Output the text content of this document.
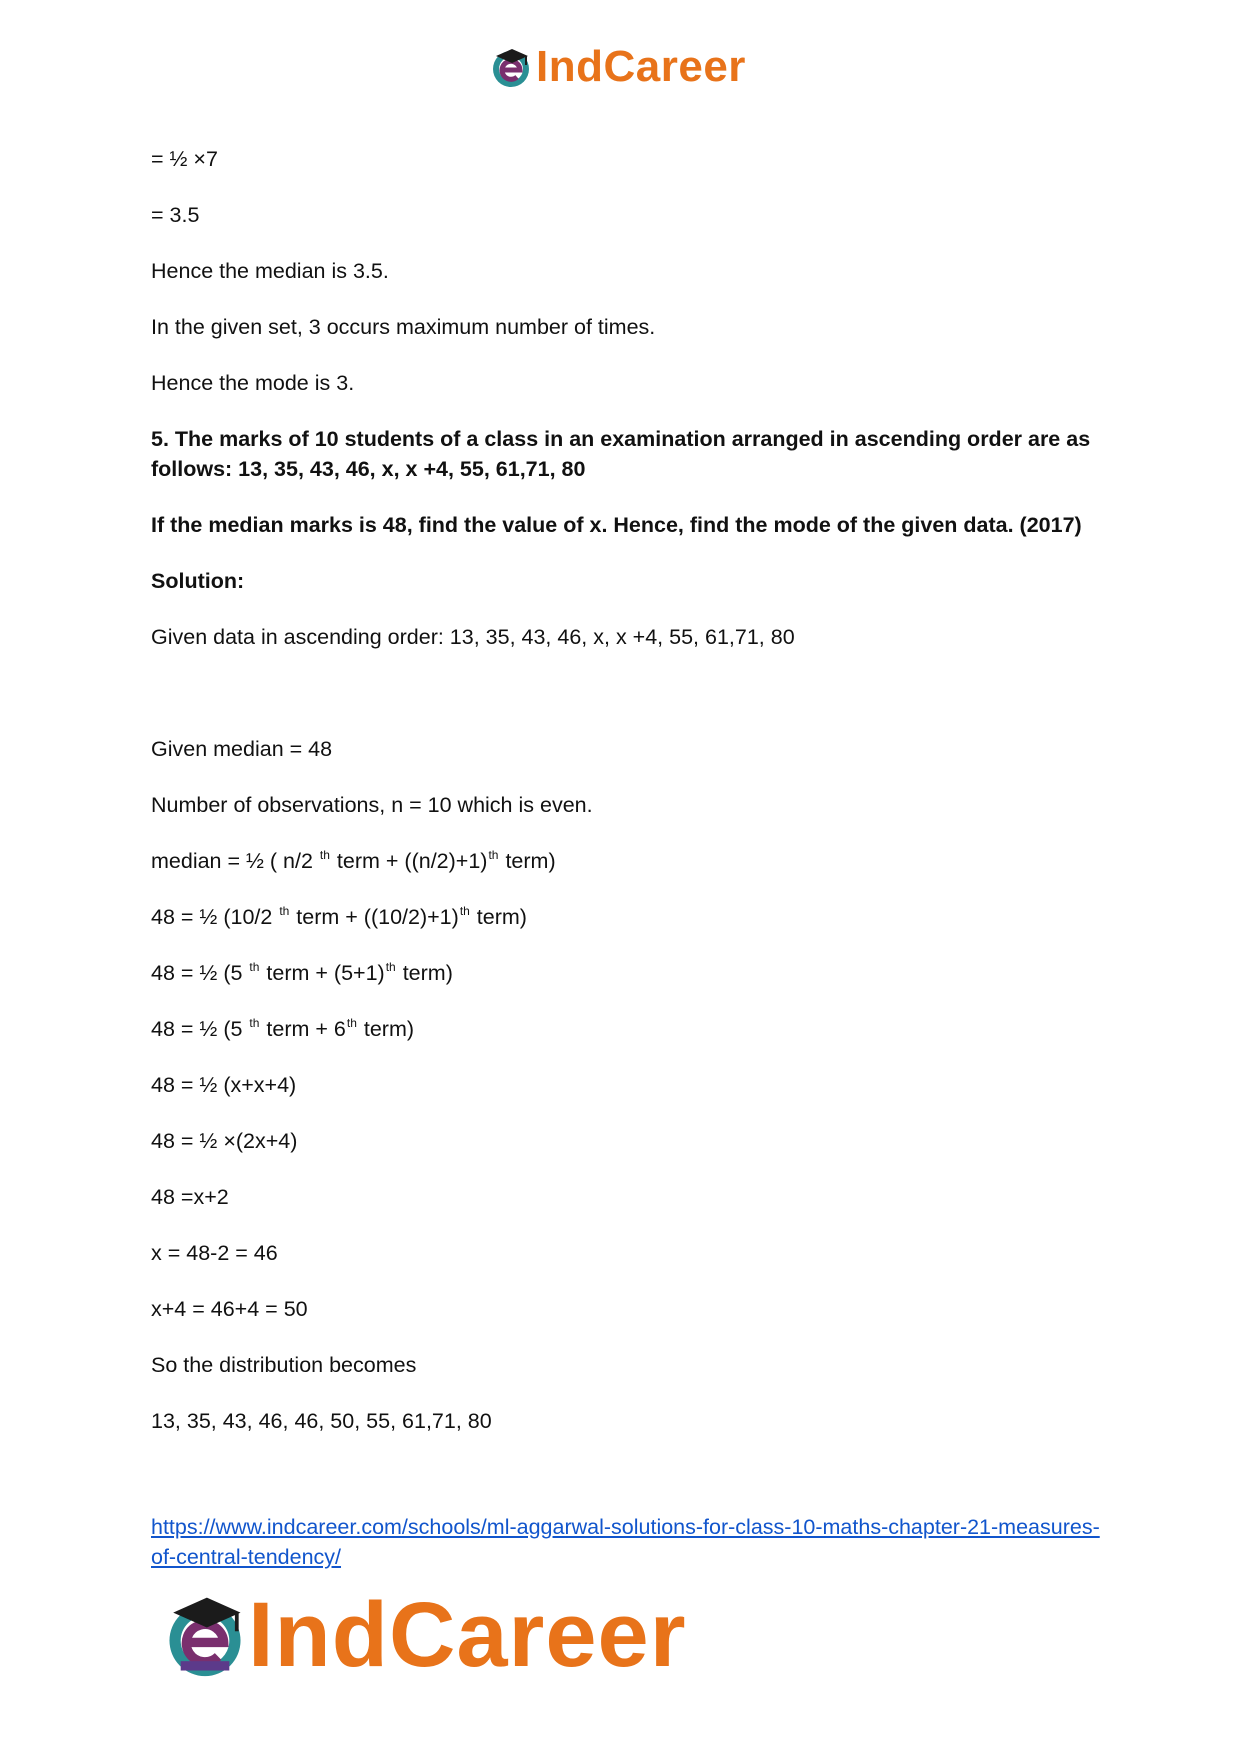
IndCareer

= ½ ×7

= 3.5

Hence the median is 3.5.

In the given set, 3 occurs maximum number of times.

Hence the mode is 3.

5. The marks of 10 students of a class in an examination arranged in ascending order are as follows: 13, 35, 43, 46, x, x +4, 55, 61,71, 80

If the median marks is 48, find the value of x. Hence, find the mode of the given data. (2017)

Solution:

Given data in ascending order: 13, 35, 43, 46, x, x +4, 55, 61,71, 80

Given median = 48

Number of observations, n = 10 which is even.

median = ½ ( n/2 $^{th}$ term + $((n/2)+1)^{th}$ term)

48 = ½ (10/2 $^{th}$ term + $((10/2)+1)^{th}$ term)

48 = ½ (5 $^{th}$ term + $(5+1)^{th}$ term)

48 = ½ (5 $^{th}$ term + 6th term)

48 = ½ (x+x+4)

48 = ½ ×(2x+4)

48 =x+2

x = 48-2 = 46

x+4 = 46+4 = 50

So the distribution becomes

13, 35, 43, 46, 46, 50, 55, 61,71, 80

https://www.indcareer.com/schools/ml-aggarwal-solutions-for-class-10-maths-chapter-21-measures-of-central-tendency/
IndCareer
